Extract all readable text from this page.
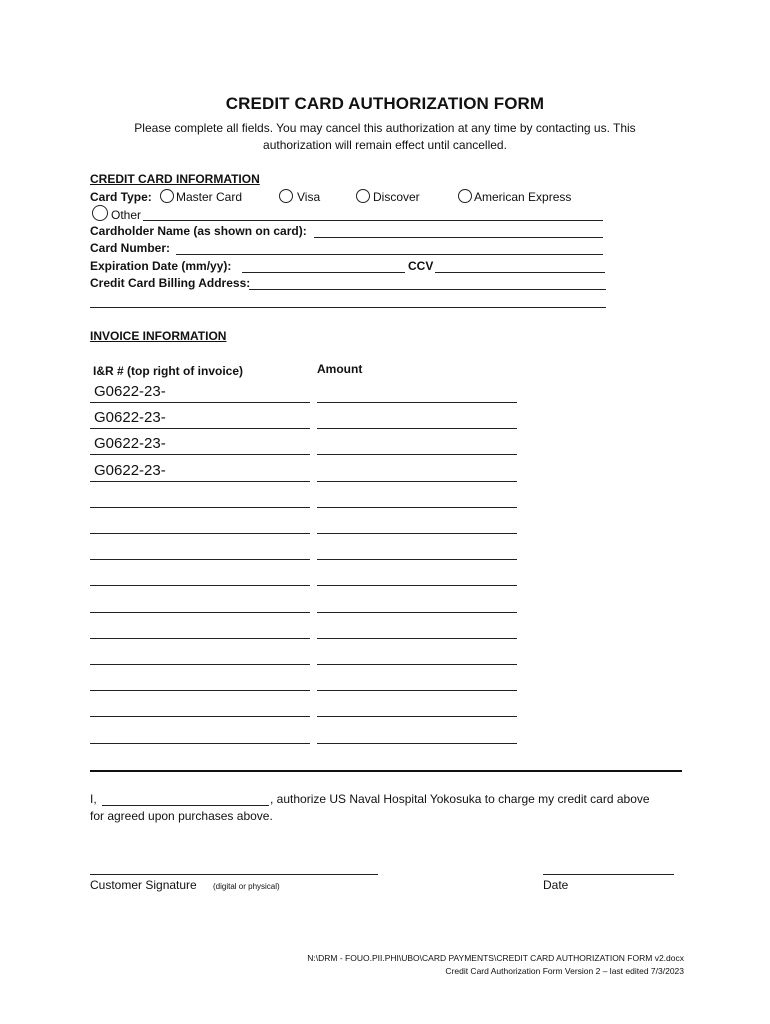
CREDIT CARD AUTHORIZATION FORM
Please complete all fields. You may cancel this authorization at any time by contacting us. This authorization will remain effect until cancelled.
CREDIT CARD INFORMATION
Card Type: Master Card	Visa	Discover	American Express
Other
Cardholder Name (as shown on card):
Card Number:
Expiration Date (mm/yy):	CCV
Credit Card Billing Address:
INVOICE INFORMATION
I&R # (top right of invoice)	Amount
G0622-23-
G0622-23-
G0622-23-
G0622-23-
I,	, authorize US Naval Hospital Yokosuka to charge my credit card above
for agreed upon purchases above.
Customer Signature (digital or physical)	Date
N:\DRM - FOUO.PII.PHI\UBO\CARD PAYMENTS\CREDIT CARD AUTHORIZATION FORM v2.docx
Credit Card Authorization Form Version 2 – last edited 7/3/2023
